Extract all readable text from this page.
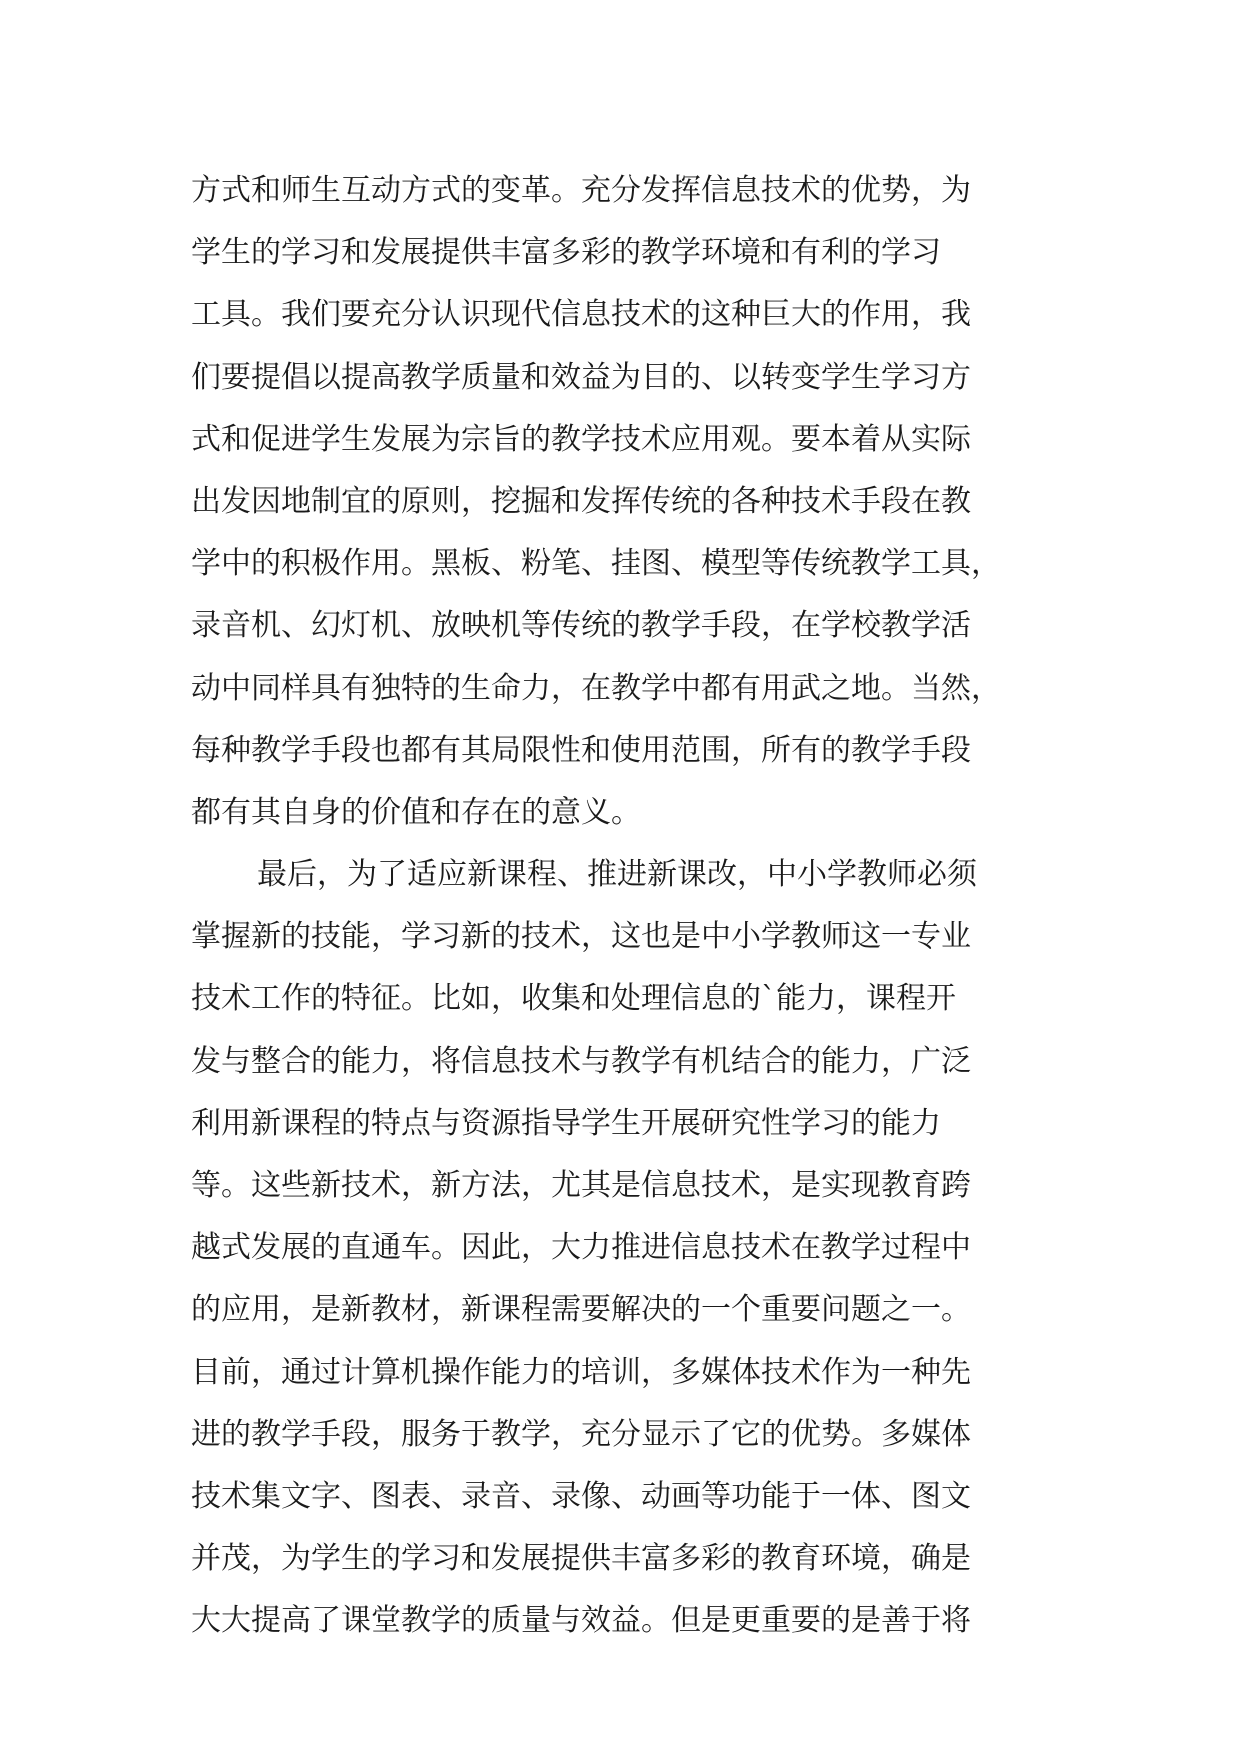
方式和师生互动方式的变革。充分发挥信息技术的优势，为
学生的学习和发展提供丰富多彩的教学环境和有利的学习
工具。我们要充分认识现代信息技术的这种巨大的作用，我
们要提倡以提高教学质量和效益为目的、以转变学生学习方
式和促进学生发展为宗旨的教学技术应用观。要本着从实际
出发因地制宜的原则，挖掘和发挥传统的各种技术手段在教
学中的积极作用。黑板、粉笔、挂图、模型等传统教学工具，
录音机、幻灯机、放映机等传统的教学手段，在学校教学活
动中同样具有独特的生命力，在教学中都有用武之地。当然，
每种教学手段也都有其局限性和使用范围，所有的教学手段
都有其自身的价值和存在的意义。
最后，为了适应新课程、推进新课改，中小学教师必须
掌握新的技能，学习新的技术，这也是中小学教师这一专业
技术工作的特征。比如，收集和处理信息的`能力，课程开
发与整合的能力，将信息技术与教学有机结合的能力，广泛
利用新课程的特点与资源指导学生开展研究性学习的能力
等。这些新技术，新方法，尤其是信息技术，是实现教育跨
越式发展的直通车。因此，大力推进信息技术在教学过程中
的应用，是新教材，新课程需要解决的一个重要问题之一。
目前，通过计算机操作能力的培训，多媒体技术作为一种先
进的教学手段，服务于教学，充分显示了它的优势。多媒体
技术集文字、图表、录音、录像、动画等功能于一体、图文
并茂，为学生的学习和发展提供丰富多彩的教育环境，确是
大大提高了课堂教学的质量与效益。但是更重要的是善于将
